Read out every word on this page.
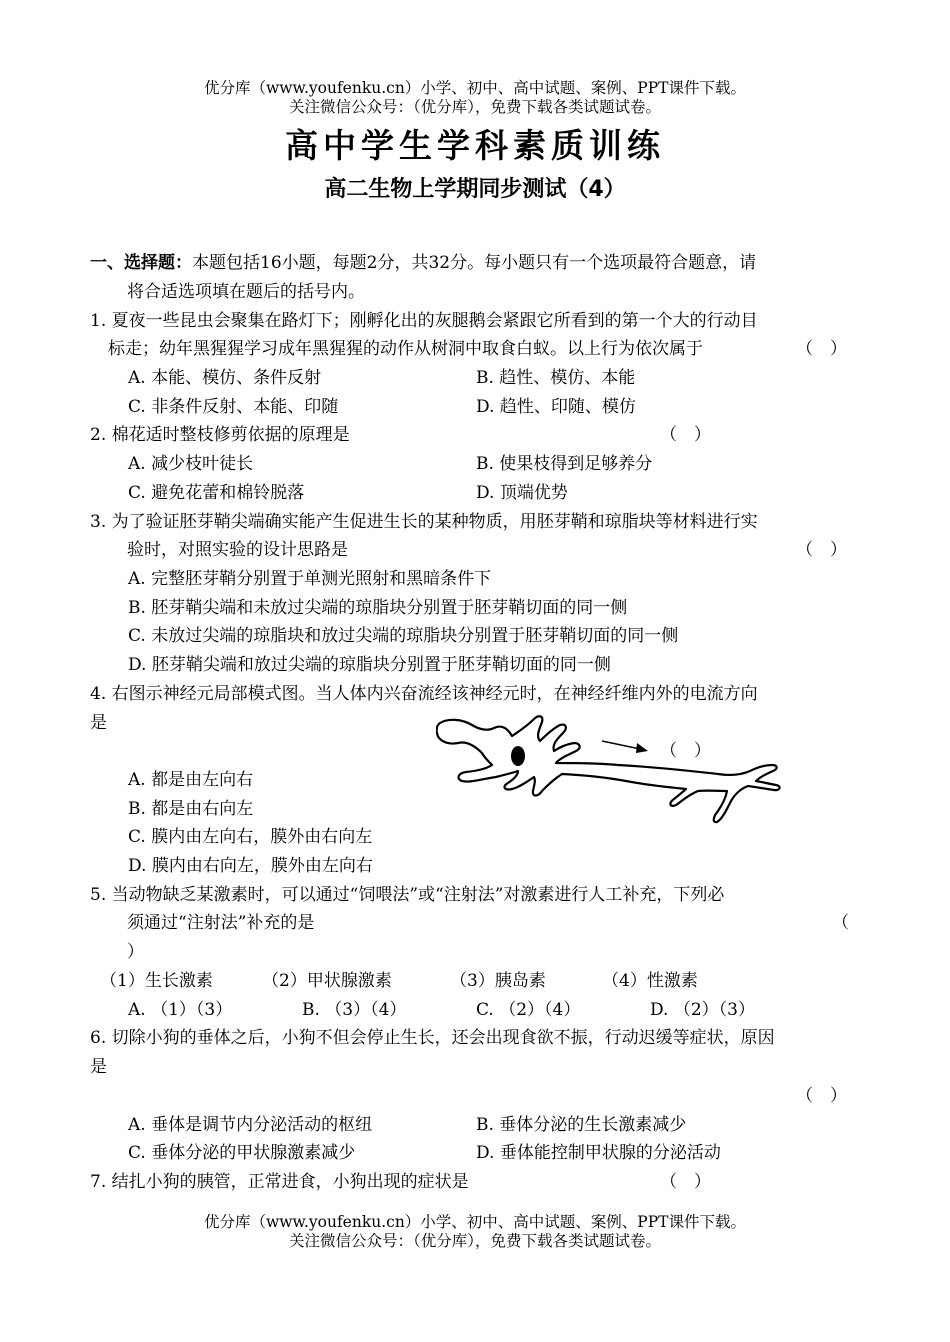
优分库（www.youfenku.cn）小学、初中、高中试题、案例、PPT课件下载。
关注微信公众号：（优分库），免费下载各类试题试卷。
高中学生学科素质训练
高二生物上学期同步测试（4）
一、选择题：本题包括16小题，每题2分，共32分。每小题只有一个选项最符合题意，请
将合适选项填在题后的括号内。
1. 夏夜一些昆虫会聚集在路灯下；刚孵化出的灰腿鹅会紧跟它所看到的第一个大的行动目
标走；幼年黑猩猩学习成年黑猩猩的动作从树洞中取食白蚁。以上行为依次属于	（　）
A. 本能、模仿、条件反射	B. 趋性、模仿、本能
C. 非条件反射、本能、印随	D. 趋性、印随、模仿
2. 棉花适时整枝修剪依据的原理是	（　）
A. 减少枝叶徒长	B. 使果枝得到足够养分
C. 避免花蕾和棉铃脱落	D. 顶端优势
3. 为了验证胚芽鞘尖端确实能产生促进生长的某种物质，用胚芽鞘和琼脂块等材料进行实
验时，对照实验的设计思路是	（　）
A. 完整胚芽鞘分别置于单测光照射和黑暗条件下
B. 胚芽鞘尖端和未放过尖端的琼脂块分别置于胚芽鞘切面的同一侧
C. 未放过尖端的琼脂块和放过尖端的琼脂块分别置于胚芽鞘切面的同一侧
D. 胚芽鞘尖端和放过尖端的琼脂块分别置于胚芽鞘切面的同一侧
4. 右图示神经元局部模式图。当人体内兴奋流经该神经元时，在神经纤维内外的电流方向
是
（　）
A. 都是由左向右
B. 都是由右向左
C. 膜内由左向右，膜外由右向左
D. 膜内由右向左，膜外由左向右
5. 当动物缺乏某激素时，可以通过“饲喂法”或“注射法”对激素进行人工补充，下列必
须通过“注射法”补充的是	（
）
（1）生长激素	（2）甲状腺激素	（3）胰岛素	（4）性激素
A. （1）（3）	B. （3）（4）	C. （2）（4）	D. （2）（3）
6. 切除小狗的垂体之后，小狗不但会停止生长，还会出现食欲不振，行动迟缓等症状，原因
是
（　）
A. 垂体是调节内分泌活动的枢纽	B. 垂体分泌的生长激素减少
C. 垂体分泌的甲状腺激素减少	D. 垂体能控制甲状腺的分泌活动
7. 结扎小狗的胰管，正常进食，小狗出现的症状是	（　）
优分库（www.youfenku.cn）小学、初中、高中试题、案例、PPT课件下载。
关注微信公众号：（优分库），免费下载各类试题试卷。
